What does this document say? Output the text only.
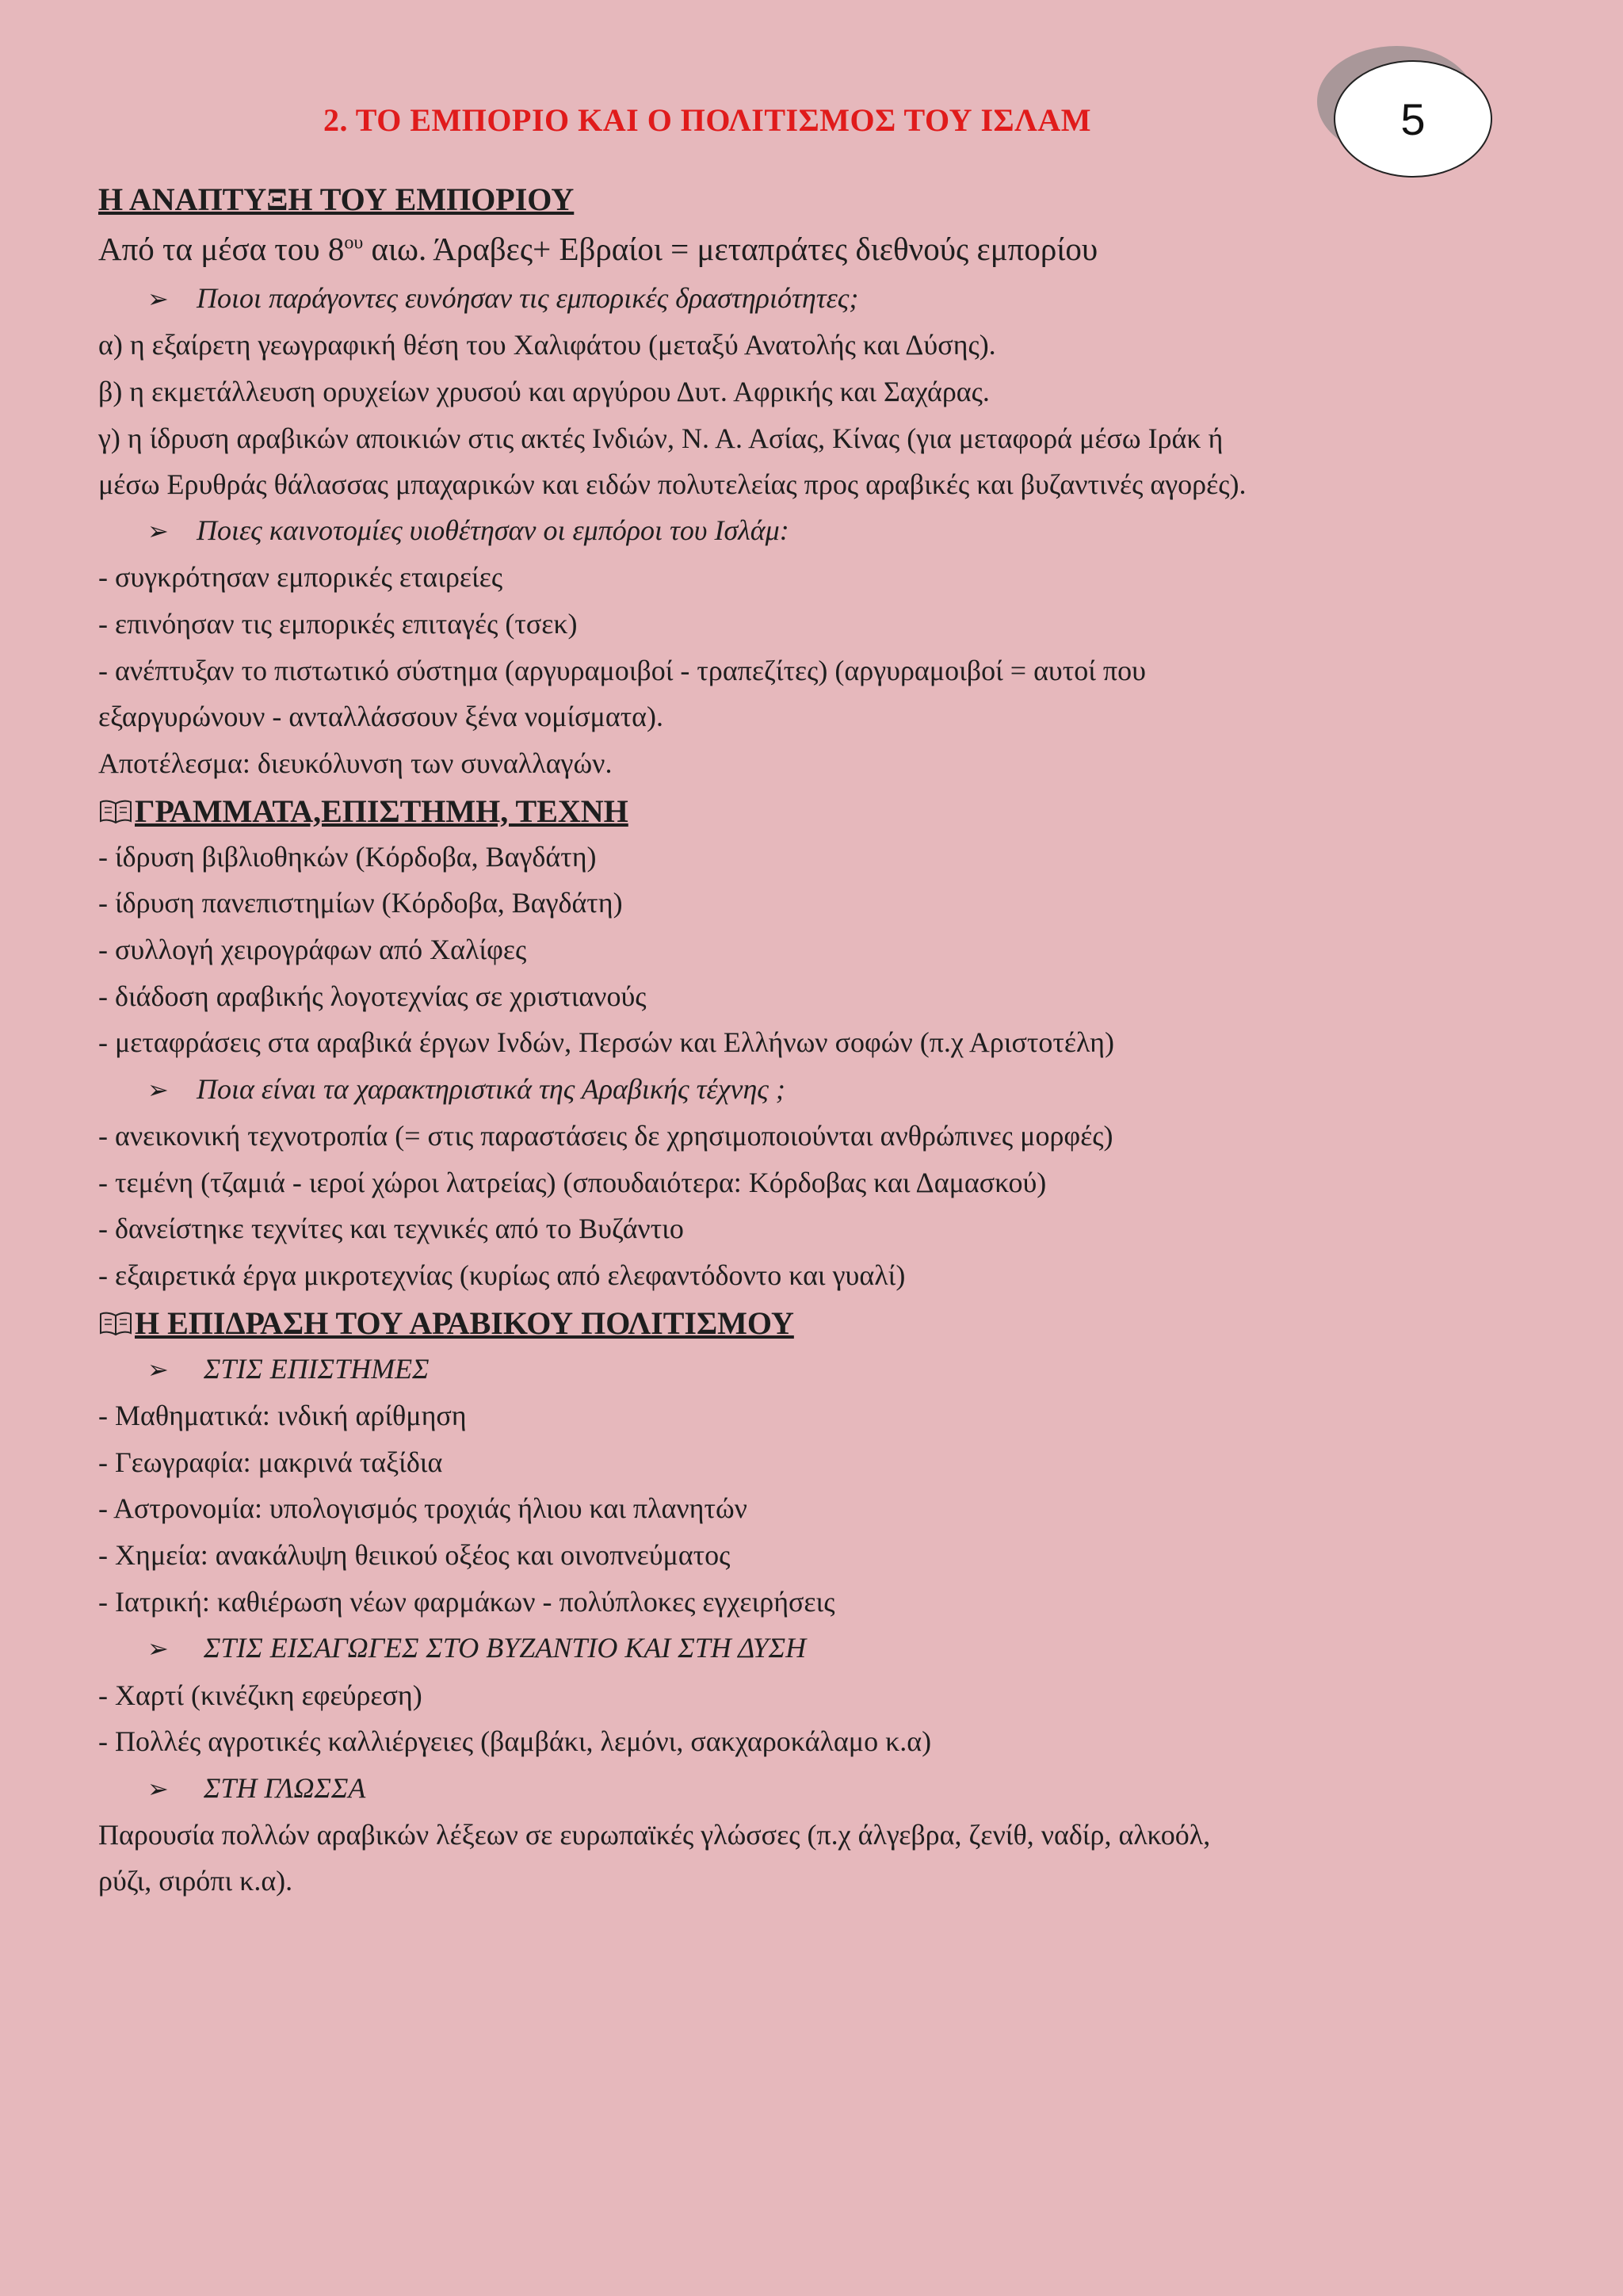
5
2. ΤΟ ΕΜΠΟΡΙΟ ΚΑΙ Ο ΠΟΛΙΤΙΣΜΟΣ ΤΟΥ ΙΣΛΑΜ
Η ΑΝΑΠΤΥΞΗ ΤΟΥ ΕΜΠΟΡΙΟΥ
Από τα μέσα του $8^{o\upsilon}$ αιω. Άραβες+ Εβραίοι = μεταπράτες διεθνούς εμπορίου
➢ Ποιοι παράγοντες ευνόησαν τις εμπορικές δραστηριότητες;
α) η εξαίρετη γεωγραφική θέση του Χαλιφάτου (μεταξύ Ανατολής και Δύσης).
β) η εκμετάλλευση ορυχείων χρυσού και αργύρου Δυτ. Αφρικής και Σαχάρας.
γ) η ίδρυση αραβικών αποικιών στις ακτές Ινδιών, Ν. Α. Ασίας, Κίνας (για μεταφορά μέσω Ιράκ ή
μέσω Ερυθράς θάλασσας μπαχαρικών και ειδών πολυτελείας προς αραβικές και βυζαντινές αγορές).
➢ Ποιες καινοτομίες υιοθέτησαν οι εμπόροι του Ισλάμ:
- συγκρότησαν εμπορικές εταιρείες
- επινόησαν τις εμπορικές επιταγές (τσεκ)
- ανέπτυξαν το πιστωτικό σύστημα (αργυραμοιβοί - τραπεζίτες) (αργυραμοιβοί = αυτοί που
εξαργυρώνουν - ανταλλάσσουν ξένα νομίσματα).
Αποτέλεσμα: διευκόλυνση των συναλλαγών.
ΓΡΑΜΜΑΤΑ,ΕΠΙΣΤΗΜΗ, ΤΕΧΝΗ
- ίδρυση βιβλιοθηκών (Κόρδοβα, Βαγδάτη)
- ίδρυση πανεπιστημίων (Κόρδοβα, Βαγδάτη)
- συλλογή χειρογράφων από Χαλίφες
- διάδοση αραβικής λογοτεχνίας σε χριστιανούς
- μεταφράσεις στα αραβικά έργων Ινδών, Περσών και Ελλήνων σοφών (π.χ Αριστοτέλη)
➢ Ποια είναι τα χαρακτηριστικά της Αραβικής τέχνης ;
- ανεικονική τεχνοτροπία (= στις παραστάσεις δε χρησιμοποιούνται ανθρώπινες μορφές)
- τεμένη (τζαμιά - ιεροί χώροι λατρείας) (σπουδαιότερα: Κόρδοβας και Δαμασκού)
- δανείστηκε τεχνίτες και τεχνικές από το Βυζάντιο
- εξαιρετικά έργα μικροτεχνίας (κυρίως από ελεφαντόδοντο και γυαλί)
Η ΕΠΙΔΡΑΣΗ ΤΟΥ ΑΡΑΒΙΚΟΥ ΠΟΛΙΤΙΣΜΟΥ
➢ ΣΤΙΣ ΕΠΙΣΤΗΜΕΣ
- Μαθηματικά: ινδική αρίθμηση
- Γεωγραφία: μακρινά ταξίδια
- Αστρονομία: υπολογισμός τροχιάς ήλιου και πλανητών
- Χημεία: ανακάλυψη θειικού οξέος και οινοπνεύματος
- Ιατρική: καθιέρωση νέων φαρμάκων - πολύπλοκες εγχειρήσεις
➢ ΣΤΙΣ ΕΙΣΑΓΩΓΕΣ ΣΤΟ ΒΥΖΑΝΤΙΟ ΚΑΙ ΣΤΗ ΔΥΣΗ
- Χαρτί (κινέζικη εφεύρεση)
- Πολλές αγροτικές καλλιέργειες (βαμβάκι, λεμόνι, σακχαροκάλαμο κ.α)
➢ ΣΤΗ ΓΛΩΣΣΑ
Παρουσία πολλών αραβικών λέξεων σε ευρωπαϊκές γλώσσες (π.χ άλγεβρα, ζενίθ, ναδίρ, αλκοόλ,
ρύζι, σιρόπι κ.α).
